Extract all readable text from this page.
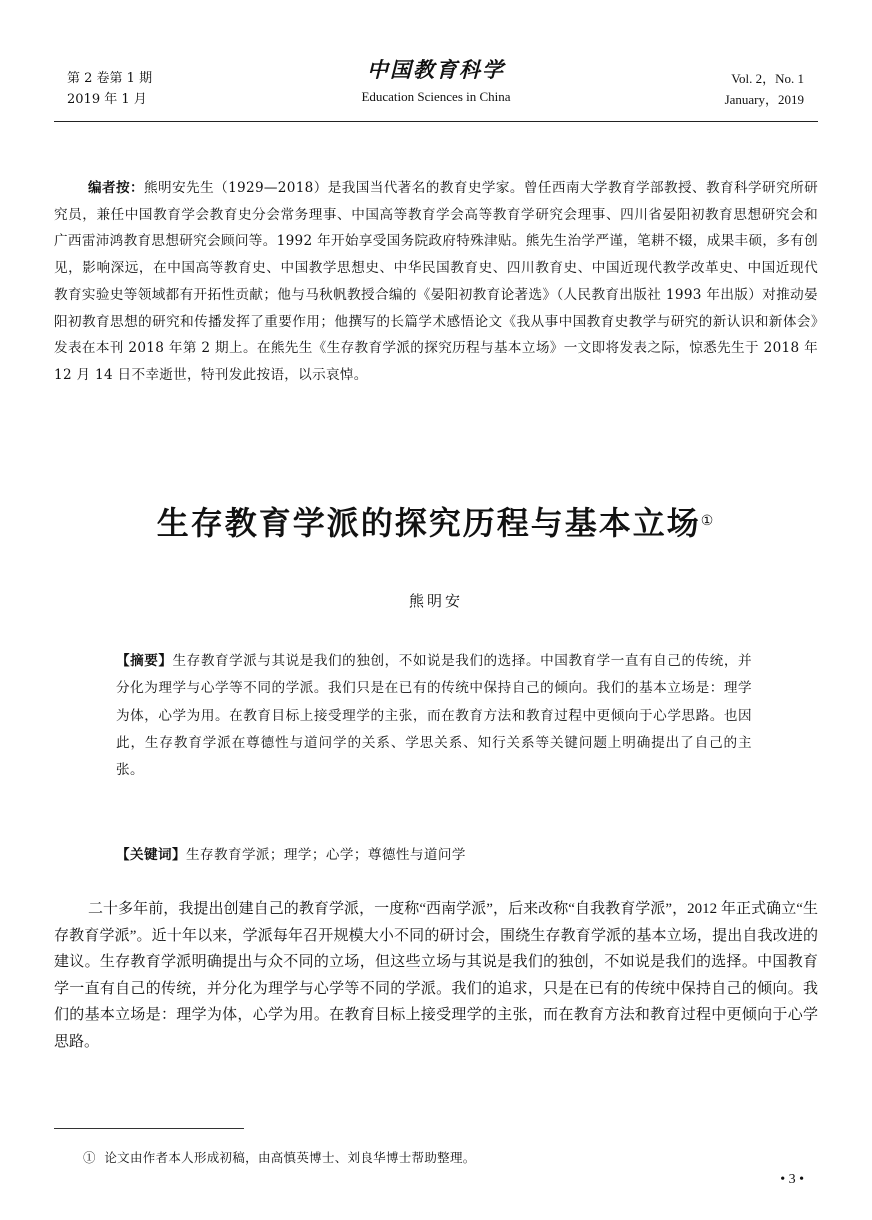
第 2 卷第 1 期
2019 年 1 月
中国教育科学
Education Sciences in China
Vol. 2，No. 1
January，2019
编者按：熊明安先生（1929—2018）是我国当代著名的教育史学家。曾任西南大学教育学部教授、教育科学研究所研究员，兼任中国教育学会教育史分会常务理事、中国高等教育学会高等教育学研究会理事、四川省晏阳初教育思想研究会和广西雷沛鸿教育思想研究会顾问等。1992 年开始享受国务院政府特殊津贴。熊先生治学严谨，笔耕不辍，成果丰硕，多有创见，影响深远，在中国高等教育史、中国教学思想史、中华民国教育史、四川教育史、中国近现代教学改革史、中国近现代教育实验史等领域都有开拓性贡献；他与马秋帆教授合编的《晏阳初教育论著选》（人民教育出版社 1993 年出版）对推动晏阳初教育思想的研究和传播发挥了重要作用；他撰写的长篇学术感悟论文《我从事中国教育史教学与研究的新认识和新体会》发表在本刊 2018 年第 2 期上。在熊先生《生存教育学派的探究历程与基本立场》一文即将发表之际，惊悉先生于 2018 年 12 月 14 日不幸逝世，特刊发此按语，以示哀悼。
生存教育学派的探究历程与基本立场①
熊明安
【摘要】生存教育学派与其说是我们的独创，不如说是我们的选择。中国教育学一直有自己的传统，并分化为理学与心学等不同的学派。我们只是在已有的传统中保持自己的倾向。我们的基本立场是：理学为体，心学为用。在教育目标上接受理学的主张，而在教育方法和教育过程中更倾向于心学思路。也因此，生存教育学派在尊德性与道问学的关系、学思关系、知行关系等关键问题上明确提出了自己的主张。
【关键词】生存教育学派；理学；心学；尊德性与道问学
二十多年前，我提出创建自己的教育学派，一度称“西南学派”，后来改称“自我教育学派”，2012 年正式确立“生存教育学派”。近十年以来，学派每年召开规模大小不同的研讨会，围绕生存教育学派的基本立场，提出自我改进的建议。生存教育学派明确提出与众不同的立场，但这些立场与其说是我们的独创，不如说是我们的选择。中国教育学一直有自己的传统，并分化为理学与心学等不同的学派。我们的追求，只是在已有的传统中保持自己的倾向。我们的基本立场是：理学为体，心学为用。在教育目标上接受理学的主张，而在教育方法和教育过程中更倾向于心学思路。
① 论文由作者本人形成初稿，由高慎英博士、刘良华博士帮助整理。
• 3 •
